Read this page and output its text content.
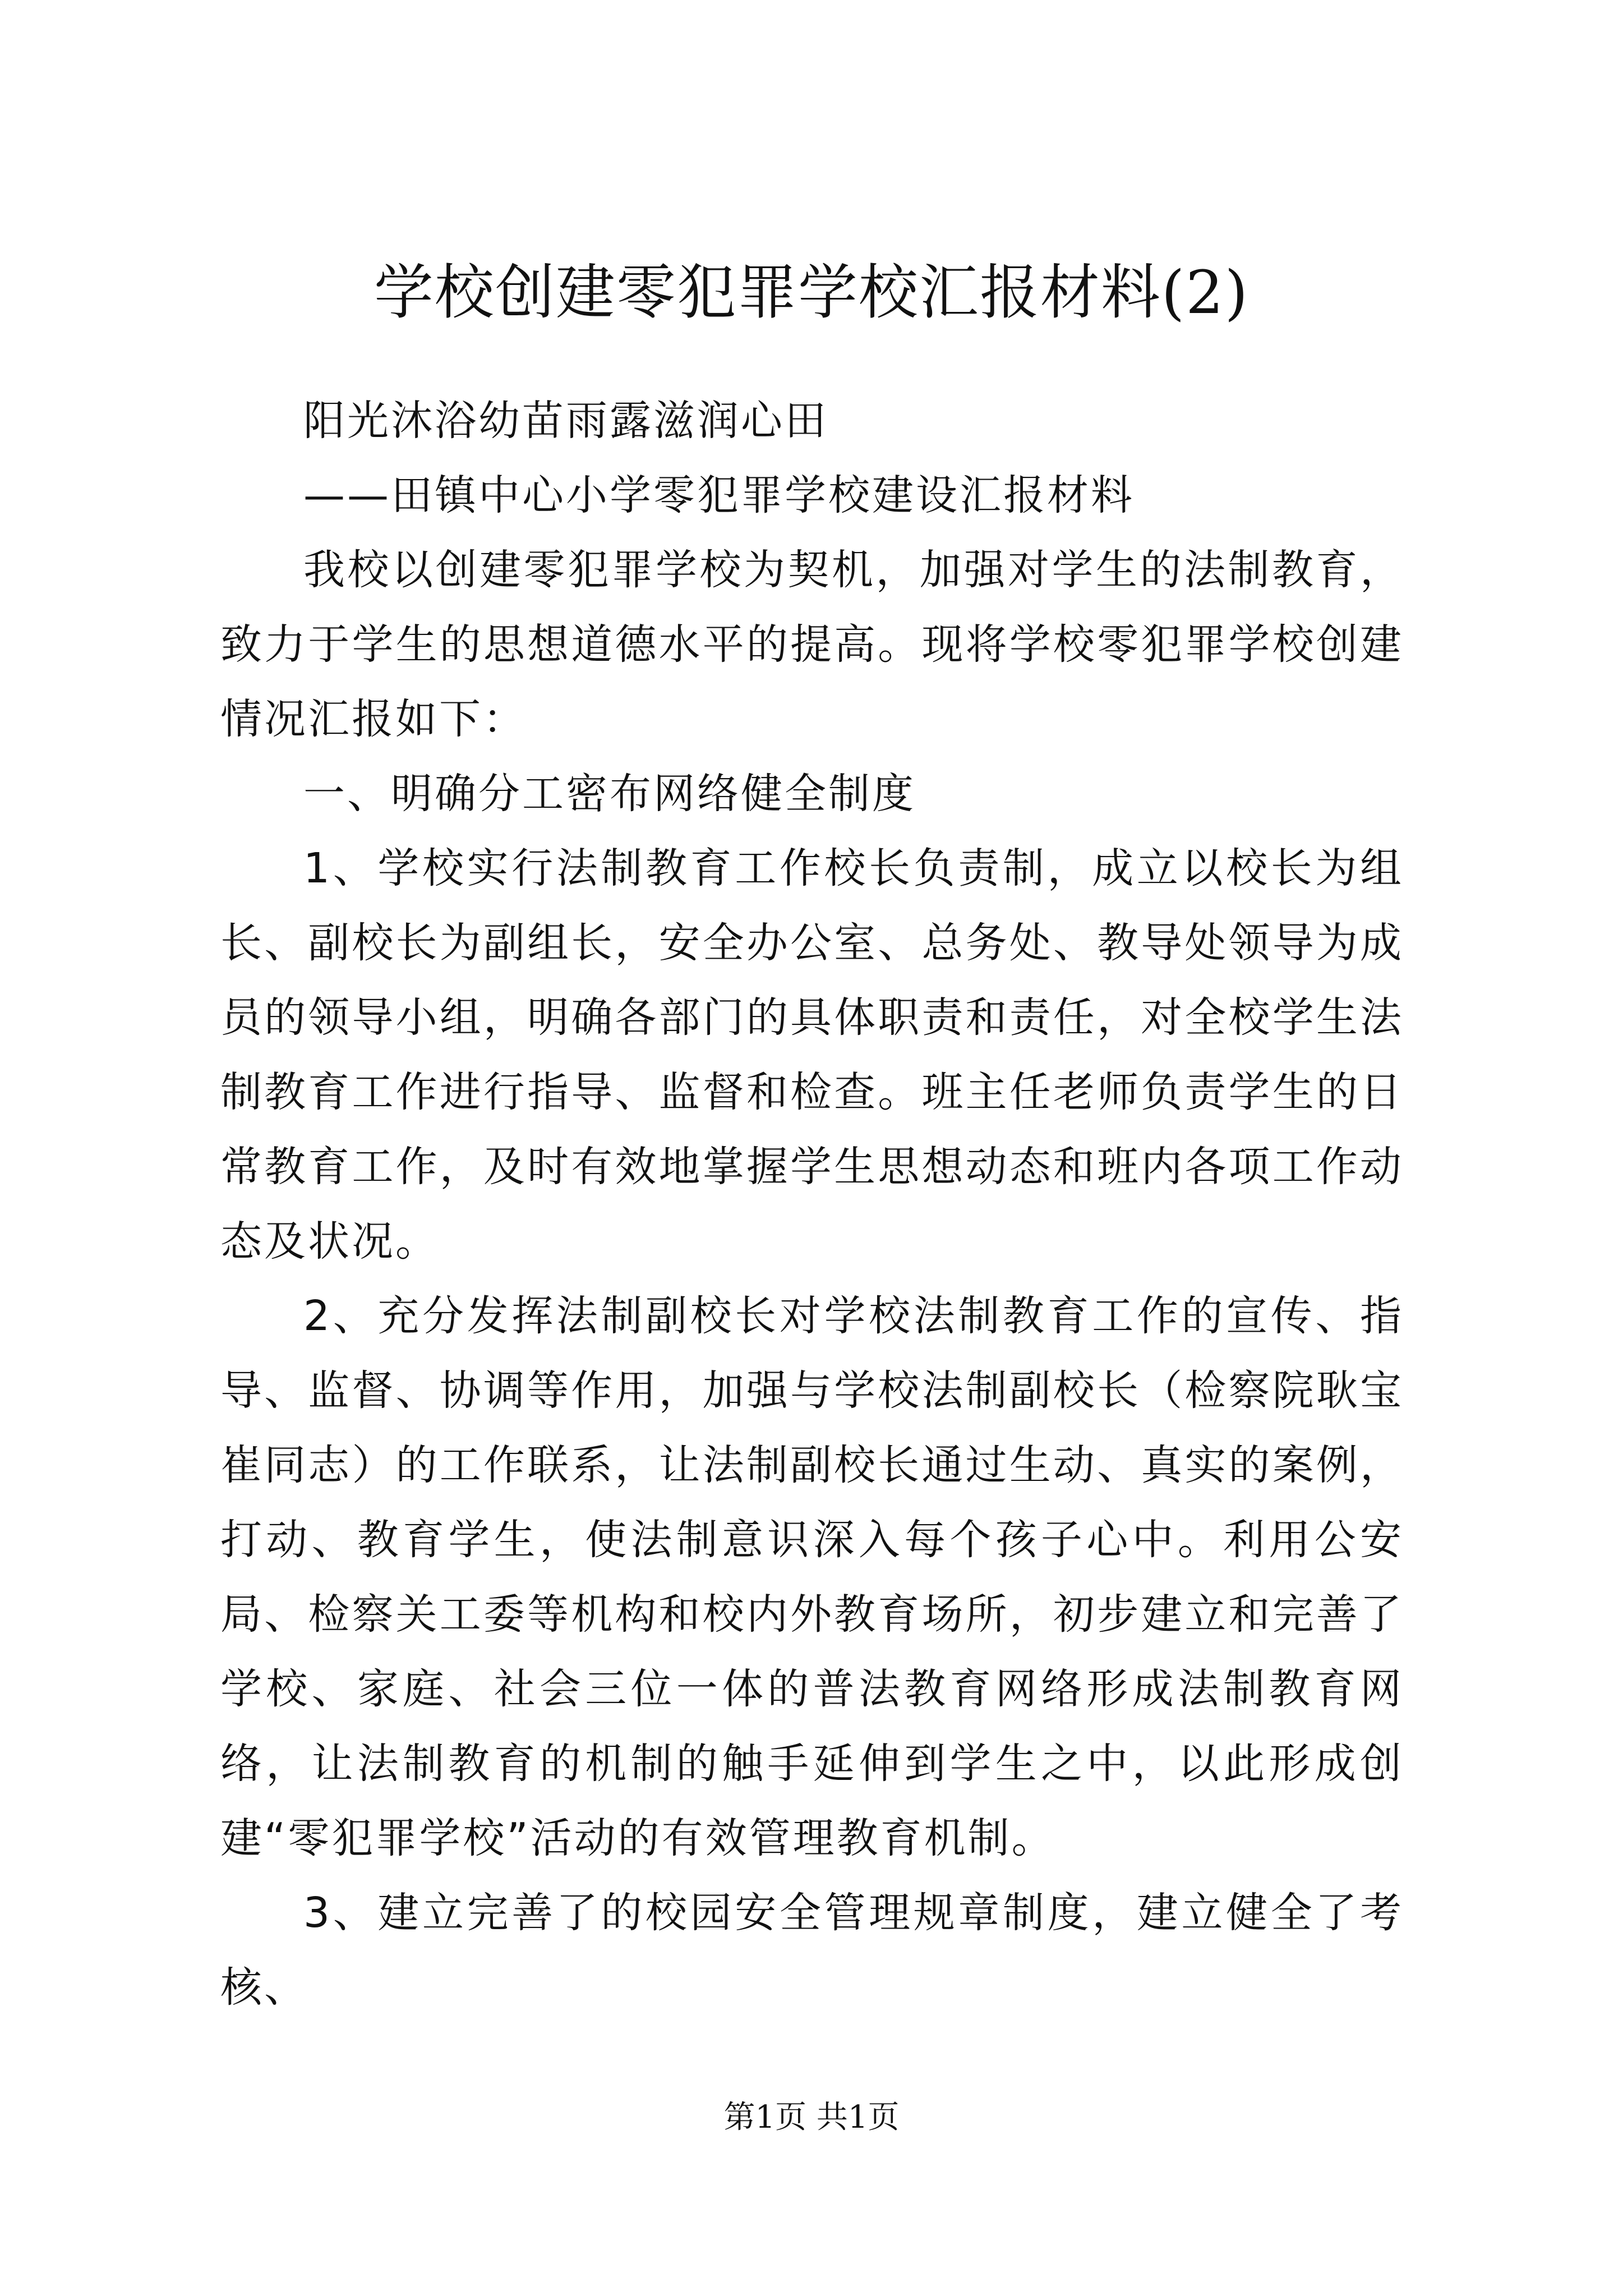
学校创建零犯罪学校汇报材料(2)

阳光沐浴幼苗雨露滋润心田

——田镇中心小学零犯罪学校建设汇报材料

我校以创建零犯罪学校为契机，加强对学生的法制教育，致力于学生的思想道德水平的提高。现将学校零犯罪学校创建情况汇报如下：

一、明确分工密布网络健全制度

1、学校实行法制教育工作校长负责制，成立以校长为组长、副校长为副组长，安全办公室、总务处、教导处领导为成员的领导小组，明确各部门的具体职责和责任，对全校学生法制教育工作进行指导、监督和检查。班主任老师负责学生的日常教育工作，及时有效地掌握学生思想动态和班内各项工作动态及状况。

2、充分发挥法制副校长对学校法制教育工作的宣传、指导、监督、协调等作用，加强与学校法制副校长（检察院耿宝崔同志）的工作联系，让法制副校长通过生动、真实的案例，打动、教育学生，使法制意识深入每个孩子心中。利用公安局、检察关工委等机构和校内外教育场所，初步建立和完善了学校、家庭、社会三位一体的普法教育网络形成法制教育网络，让法制教育的机制的触手延伸到学生之中，以此形成创建“零犯罪学校”活动的有效管理教育机制。

3、建立完善了的校园安全管理规章制度，建立健全了考核、

第1页 共1页
